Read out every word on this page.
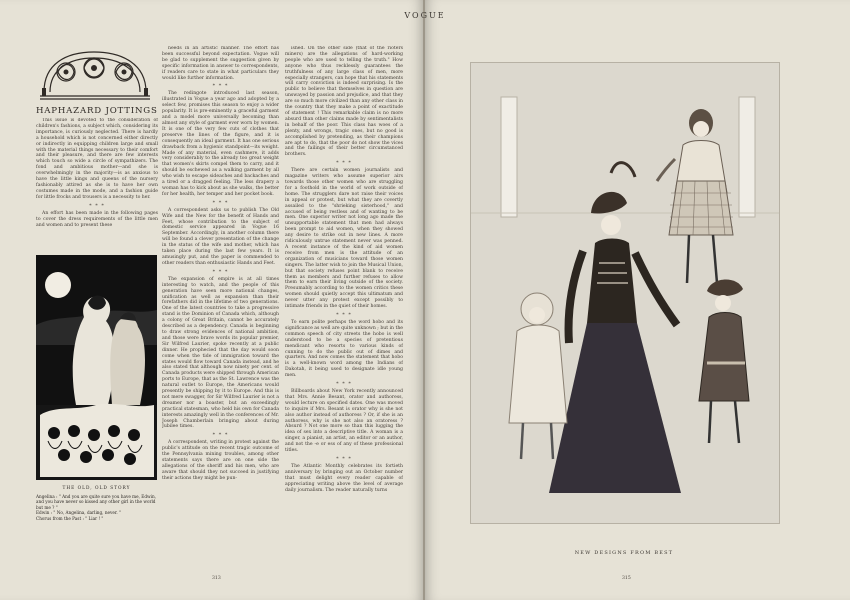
HAPHAZARD JOTTINGS

This issue is devoted to the consideration of children's fashions, a subject which, considering its importance, is curiously neglected. There is hardly a household which is not concerned either directly or indirectly in equipping children large and small with the material things necessary to their comfort and their pleasure, and there are few interests which touch so wide a circle of sympathizers. The fond and ambitious mother—and she is overwhelmingly in the majority—is as anxious to have the little kings and queens of the nursery fashionably attired as she is to have her own costumes made in the mode, and a fashion guide for little frocks and trousers is a necessity to her.

* * *

An effort has been made in the following pages to cover the dress requirements of the little men and women and to present these

THE OLD, OLD STORY
Angelina : " And you are quite sure you have me, Edwin, and you have never so kissed any other girl in the world but me ? "
Edwin : " No, Angelina, darling, never. "
Chorus from the Past : " Liar ! "

needs in an artistic manner. The effort has been successful beyond expectation. Vogue will be glad to supplement the suggestion given by specific information in answer to correspondents, if readers care to state in what particulars they would like further information.

* * *

The redingote introduced last season, illustrated in Vogue a year ago and adopted by a select few, promises this season to enjoy a wider popularity. It is pre-eminently a graceful garment and a model more universally becoming than almost any style of garment ever worn by women. It is one of the very few cuts of clothes that preserve the lines of the figure, and it is consequently an ideal garment. It has one serious drawback from a hygienic standpoint—its weight. Made of any material, even cashmere, it adds very considerably to the already too great weight that women's skirts compel them to carry, and it should be eschewed as a walking garment by all who wish to escape sideaches and backaches and a tired or a dragged feeling. The less drapery a woman has to kick about as she walks, the better for her health, her temper and her pocket book.

* * *

A correspondent asks us to publish The Old Wife and the New for the benefit of Hands and Feet, whose contribution to the subject of domestic service appeared in Vogue 16 September. Accordingly, in another column there will be found a clever presentation of the change in the status of the wife and mother, which has taken place during the last few years. It is amusingly put, and the paper is commended to other readers than enthusiastic Hands and Feet.

* * *

The expansion of empire is at all times interesting to watch, and the people of this generation have seen more national changes, unification as well as expansion than their forefathers did in the lifetime of two generations. One of the latest countries to take a progressive stand is the Dominion of Canada which, although a colony of Great Britain, cannot be accurately described as a dependency. Canada is beginning to draw strong evidences of national ambition, and those were brave words its popular premier, Sir Wilfred Laurier, spoke recently at a public dinner. He prophecied that the day would soon come when the tide of immigration toward the states would flow toward Canada instead, and he also stated that although now ninety per cent. of Canada products were shipped through American ports to Europe, that as the St. Lawrence was the natural outlet to Europe, the Americans would presently be shipping by it to Europe. And this is not mere swagger, for Sir Wilfred Laurier is not a dreamer nor a boaster, but an exceedingly practical statesman, who held his own for Canada interests amazingly well in the conferences of Mr. Joseph Chamberlain bringing about during Jubilee times.

* * *

A correspondent, writing in protest against the public's attitude on the recent tragic outcome of the Pennsylvania mining troubles, among other statements says there are on one side the allegations of the sheriff and his men, who are aware that should they not succeed in justifying their actions they might be pun-

ished. On the other side (that of the rioters miners) are the allegations of hard-working people who are used to telling the truth." How anyone who thus recklessly guarantees the truthfulness of any large class of men, more especially strangers, can hope that his statements will carry conviction is indeed surprising. Is the public to believe that themselves in question are unswayed by passion and prejudice, and that they are so much more civilized than any other class in the country that they make a point of exactitude of statement ! This remarkable claim is no more absurd than other claims made by sentimentalists in behalf of the poor. This class has woes of a plenty, and wrongs, tragic ones, but no good is accomplished by pretending, as their champions are apt to do, that the poor do not show the vices and the failings of their better circumstanced brothers.

* * *

There are certain women journalists and magazine writers who assume superior airs towards those other women who are struggling for a foothold in the world of work outside of home. The strugglers dare not raise their voices in appeal or protest, but what they are covertly assailed to the "shrieking sisterhood," and accused of being restless and of wanting to be men. One superior writer not long ago made the unsupportable statement that men had always been prompt to aid women, when they showed any desire to strike out in new lines. A more ridiculously untrue statement never was penned. A recent instance of the kind of aid women receive from men is the attitude of an organization of musicians toward those women singers. The latter wish to join the Musical Union, but that society refuses point blank to receive them as members and further refuses to allow them to earn their living outside of the society. Presumably according to the women critics these women should quietly accept this ultimatum and never utter any protest except possibly to intimate friends in the quiet of their homes.

* * *

To earn polite perhaps the word hobo and its significance as well are quite unknown ; but in the common speech of city streets the hobo is well understood to be a species of pretentious mendicant who resorts to various kinds of cunning to do the public out of dimes and quarters. And now comes the statement that hobo is a well-known word among the Indians of Dakotah, it being used to designate idle young men.

* * *

Billboards about New York recently announced that Mrs. Annie Besant, orator and authoress, would lecture on specified dates. One was moved to inquire if Mrs. Besant is orator why is she not also author instead of authoress ? Or, if she is an authoress, why is she not also an oratoress ? Absurd ? Not one more so than this lugging the idea of sex into a descriptive title. A woman is a singer, a pianist, an artist, an editor or an author, and not the -e or ess of any of these professional titles.

* * *

The Atlantic Monthly celebrates its fortieth anniversary by bringing out an October number that must delight every reader capable of appreciating writing above the level of average daily journalism. The reader naturally turns

313
NEW DESIGNS FROM BEST
315
VOGUE
